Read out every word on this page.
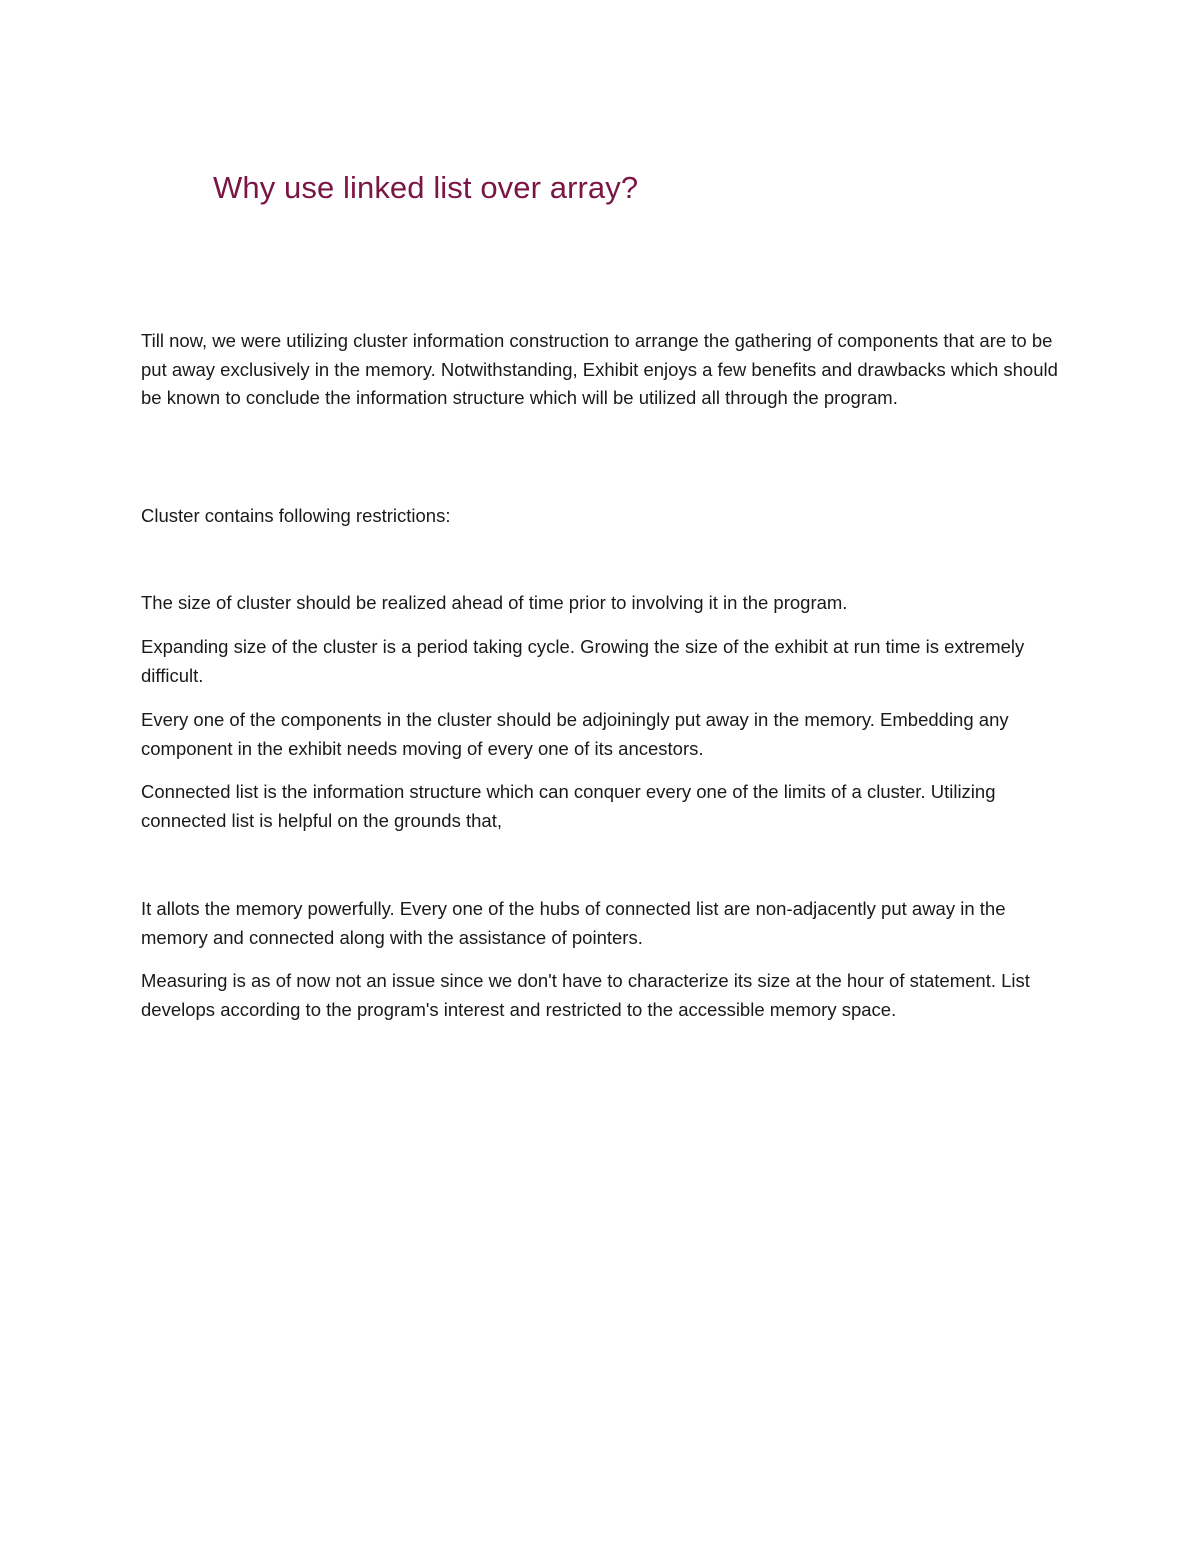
Why use linked list over array?

Till now, we were utilizing cluster information construction to arrange the gathering of components that are to be put away exclusively in the memory. Notwithstanding, Exhibit enjoys a few benefits and drawbacks which should be known to conclude the information structure which will be utilized all through the program.

Cluster contains following restrictions:

The size of cluster should be realized ahead of time prior to involving it in the program.

Expanding size of the cluster is a period taking cycle. Growing the size of the exhibit at run time is extremely difficult.

Every one of the components in the cluster should be adjoiningly put away in the memory. Embedding any component in the exhibit needs moving of every one of its ancestors.

Connected list is the information structure which can conquer every one of the limits of a cluster. Utilizing connected list is helpful on the grounds that,

It allots the memory powerfully. Every one of the hubs of connected list are non-adjacently put away in the memory and connected along with the assistance of pointers.

Measuring is as of now not an issue since we don't have to characterize its size at the hour of statement. List develops according to the program's interest and restricted to the accessible memory space.
